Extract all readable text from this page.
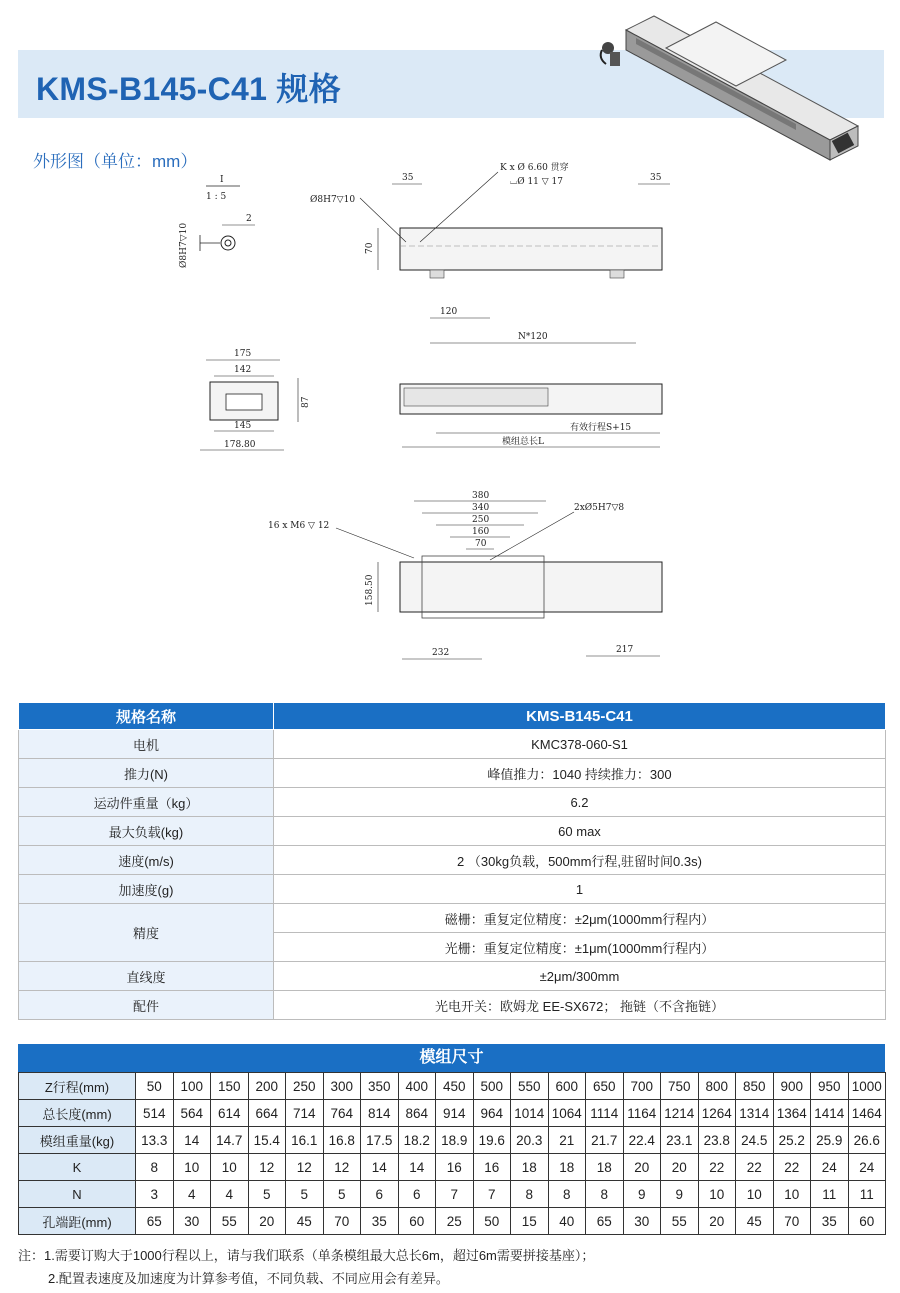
KMS-B145-C41 规格
外形图（单位：mm）
I
1 : 5
2
Ø8H7▽10
K x Ø 6.60 贯穿
⌴Ø 11 ▽ 17
Ø8H7▽10
35	35
70
120
N*120
175
142
145
178.80
87
有效行程S+15
模组总长L
380
340
250
160
70
16 x M6 ▽ 12
2xØ5H7▽8
158.50
232	217
规格名称	KMS-B145-C41
电机	KMC378-060-S1
推力(N)	峰值推力：1040 持续推力：300
运动件重量（kg）	6.2
最大负载(kg)	60 max
速度(m/s)	2 （30kg负载，500mm行程,驻留时间0.3s)
加速度(g)	1
精度	磁栅：重复定位精度：±2μm(1000mm行程内）
	光栅：重复定位精度：±1μm(1000mm行程内）
直线度	±2μm/300mm
配件	光电开关：欧姆龙 EE-SX672； 拖链（不含拖链）
模组尺寸
Z行程(mm)	50	100	150	200	250	300	350	400	450	500	550	600	650	700	750	800	850	900	950	1000
总长度(mm)	514	564	614	664	714	764	814	864	914	964	1014	1064	1114	1164	1214	1264	1314	1364	1414	1464
模组重量(kg)	13.3	14	14.7	15.4	16.1	16.8	17.5	18.2	18.9	19.6	20.3	21	21.7	22.4	23.1	23.8	24.5	25.2	25.9	26.6
K	8	10	10	12	12	12	14	14	16	16	18	18	18	20	20	22	22	22	24	24
N	3	4	4	5	5	5	6	6	7	7	8	8	8	9	9	10	10	10	11	11
孔端距(mm)	65	30	55	20	45	70	35	60	25	50	15	40	65	30	55	20	45	70	35	60
注：1.需要订购大于1000行程以上，请与我们联系（单条模组最大总长6m，超过6m需要拼接基座）；
2.配置表速度及加速度为计算参考值，不同负载、不同应用会有差异。
